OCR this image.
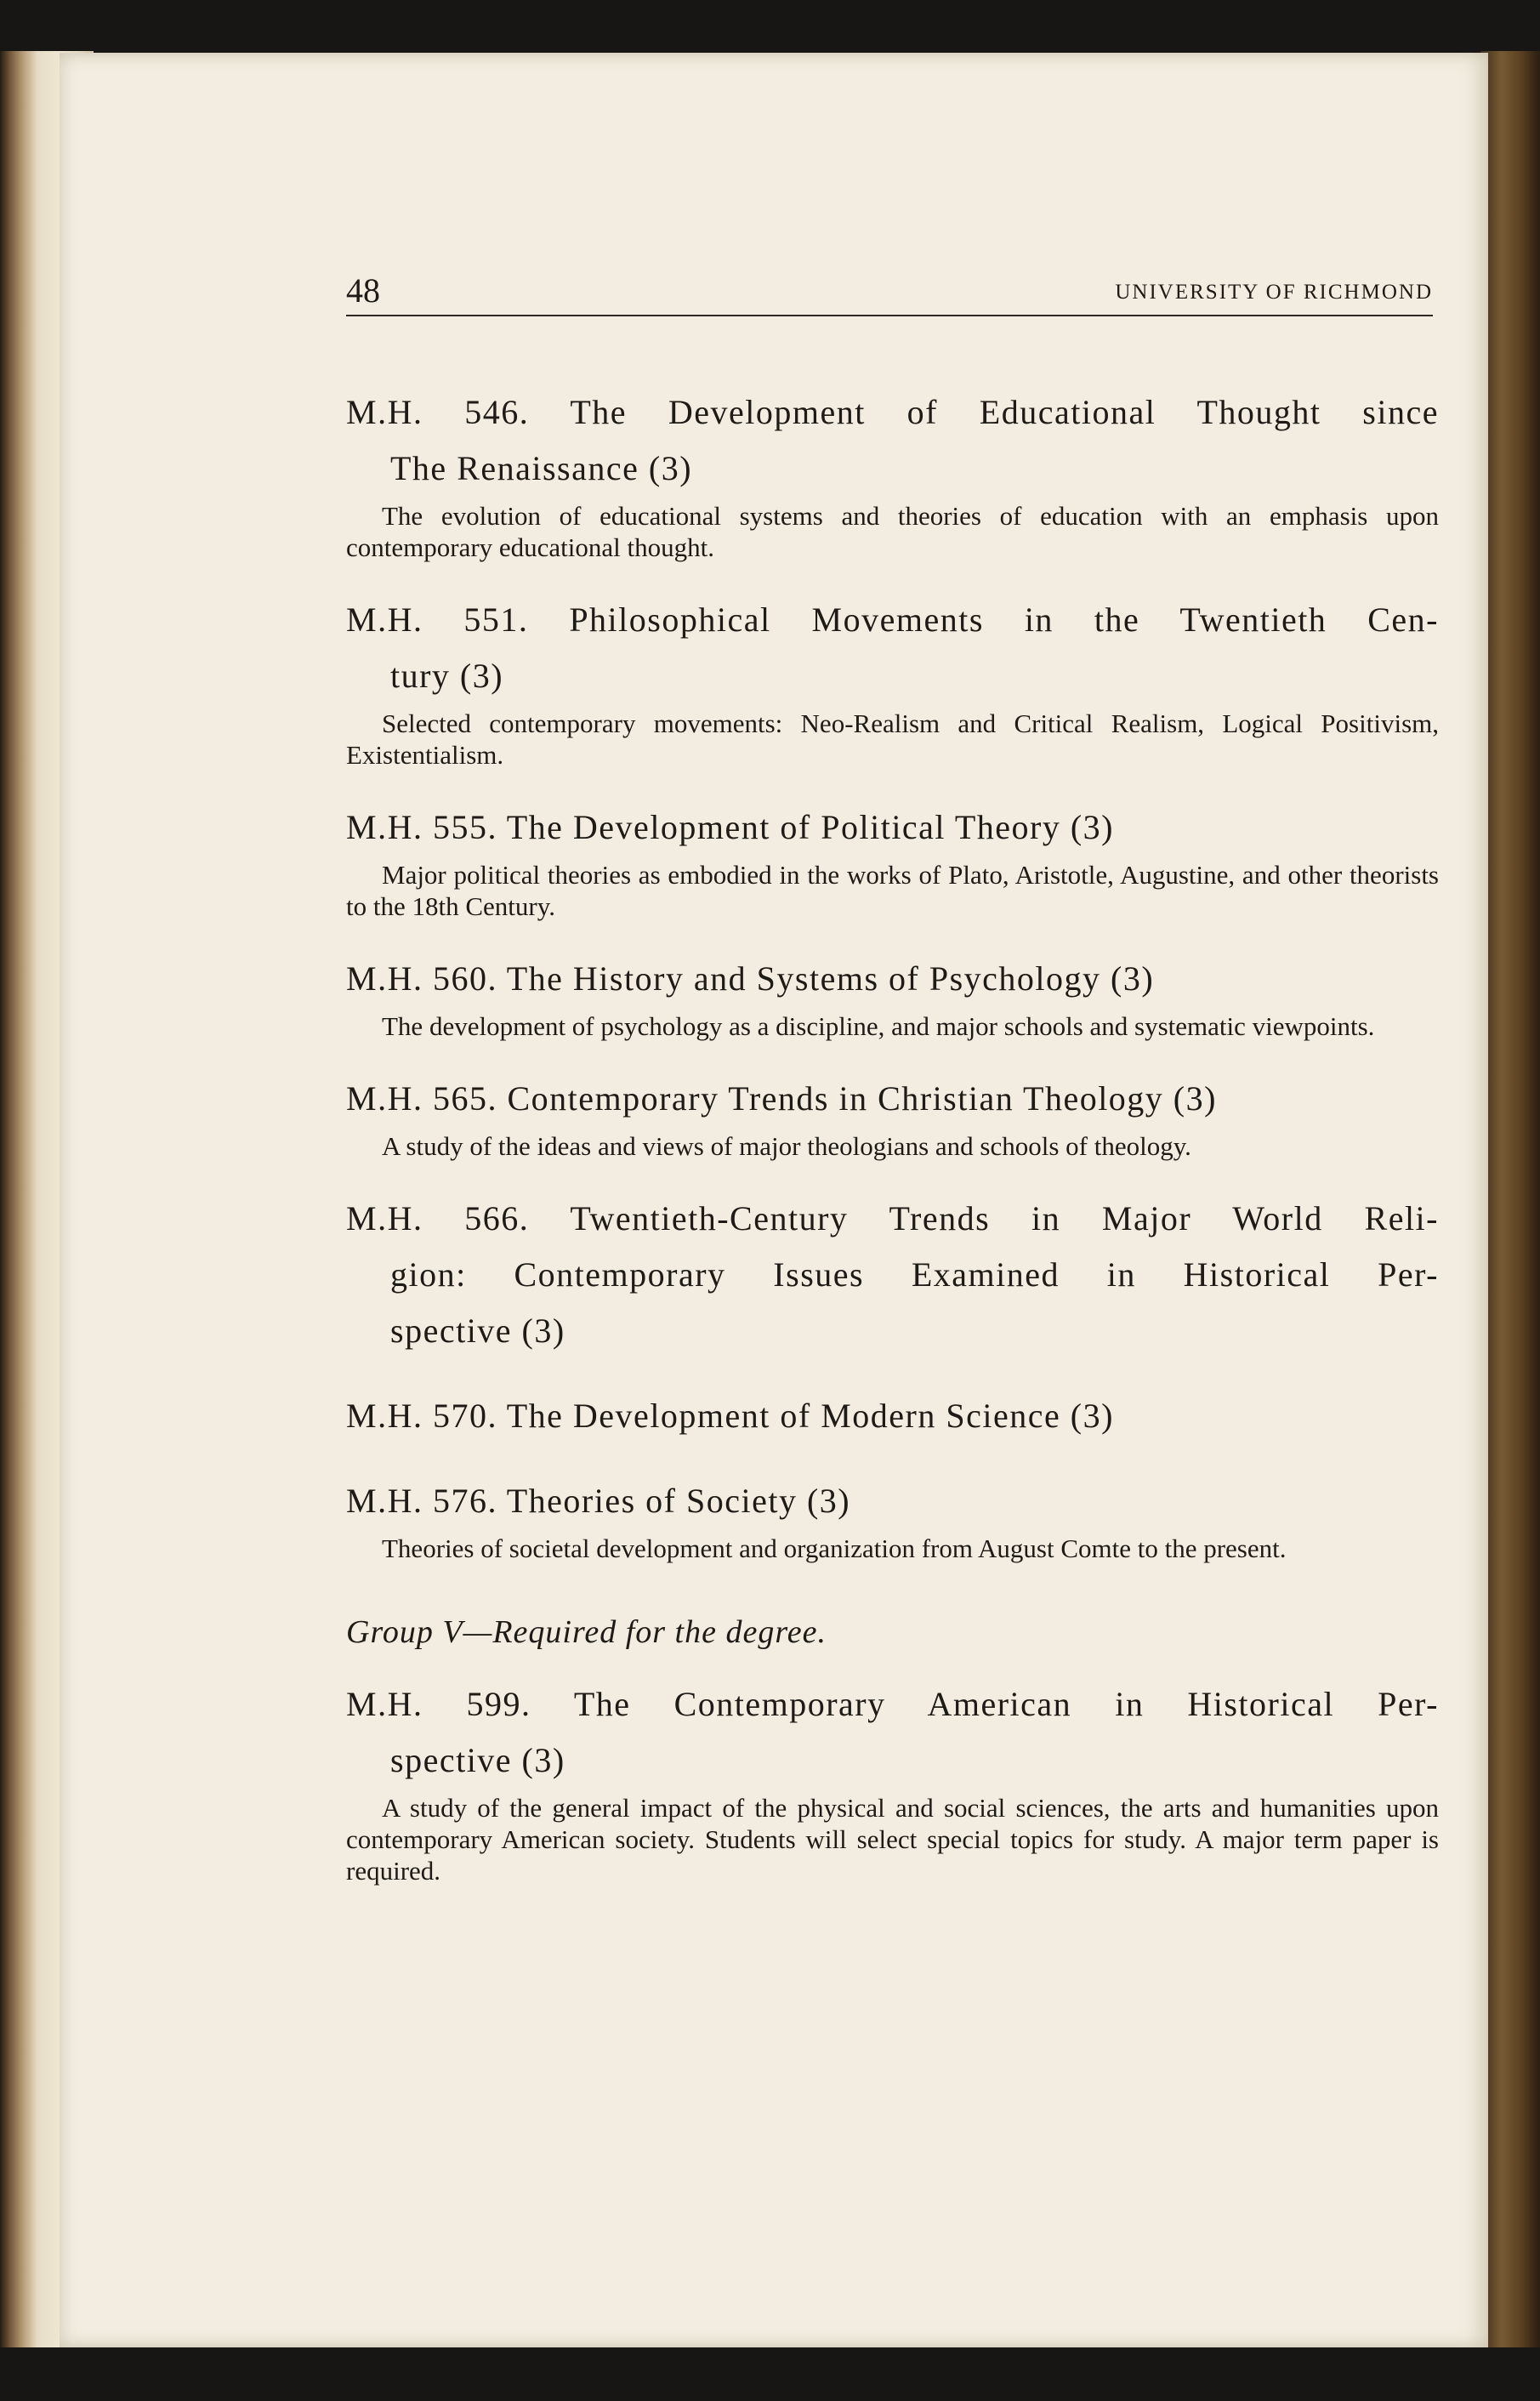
48	UNIVERSITY OF RICHMOND
M.H. 546. The Development of Educational Thought since
The Renaissance (3)
The evolution of educational systems and theories of education with an emphasis upon contemporary educational thought.
M.H. 551. Philosophical Movements in the Twentieth Cen-
tury (3)
Selected contemporary movements: Neo-Realism and Critical Realism, Logical Positivism, Existentialism.
M.H. 555. The Development of Political Theory (3)
Major political theories as embodied in the works of Plato, Aristotle, Augustine, and other theorists to the 18th Century.
M.H. 560. The History and Systems of Psychology (3)
The development of psychology as a discipline, and major schools and systematic viewpoints.
M.H. 565. Contemporary Trends in Christian Theology (3)
A study of the ideas and views of major theologians and schools of theology.
M.H. 566. Twentieth-Century Trends in Major World Reli-
gion: Contemporary Issues Examined in Historical Per-
spective (3)
M.H. 570. The Development of Modern Science (3)
M.H. 576. Theories of Society (3)
Theories of societal development and organization from August Comte to the present.
Group V—Required for the degree.
M.H. 599. The Contemporary American in Historical Per-
spective (3)
A study of the general impact of the physical and social sciences, the arts and humanities upon contemporary American society. Students will select special topics for study. A major term paper is required.
